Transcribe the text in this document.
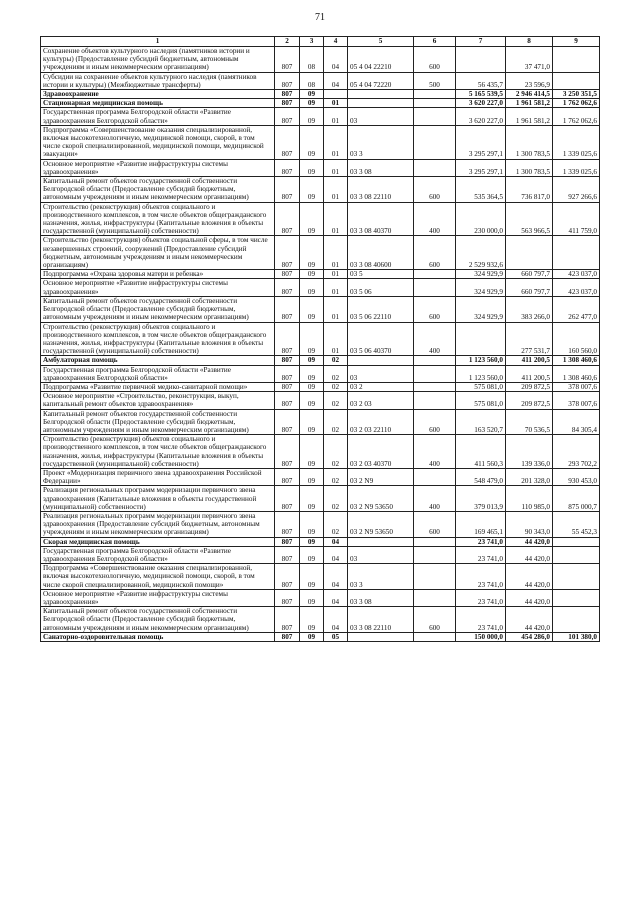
71
1	2	3	4	5	6	7	8	9
Сохранение объектов культурного наследия (памятников истории и культуры) (Предоставление субсидий бюджетным, автономным учреждениям и иным некоммерческим организациям)	807	08	04	05 4 04 22210	600		37 471,0	
Субсидии на сохранение объектов культурного наследия (памятников истории и культуры) (Межбюджетные трансферты)	807	08	04	05 4 04 72220	500	56 435,7	23 596,9	
Здравоохранение	807	09				5 165 539,5	2 946 414,5	3 250 351,5
Стационарная медицинская помощь	807	09	01			3 620 227,0	1 961 581,2	1 762 062,6
Государственная программа Белгородской области «Развитие здравоохранения Белгородской области»	807	09	01	03		3 620 227,0	1 961 581,2	1 762 062,6
Подпрограмма «Совершенствование оказания специализированной, включая высокотехнологичную, медицинской помощи, скорой, в том числе скорой специализированной, медицинской помощи, медицинской эвакуации»	807	09	01	03 3		3 295 297,1	1 300 783,5	1 339 025,6
Основное мероприятие «Развитие инфраструктуры системы здравоохранения»	807	09	01	03 3 08		3 295 297,1	1 300 783,5	1 339 025,6
Капитальный ремонт объектов государственной собственности Белгородской области (Предоставление субсидий бюджетным, автономным учреждениям и иным некоммерческим организациям)	807	09	01	03 3 08 22110	600	535 364,5	736 817,0	927 266,6
Строительство (реконструкция) объектов социального и производственного комплексов, в том числе объектов общегражданского назначения, жилья, инфраструктуры (Капитальные вложения в объекты государственной (муниципальной) собственности)	807	09	01	03 3 08 40370	400	230 000,0	563 966,5	411 759,0
Строительство (реконструкция) объектов социальной сферы, в том числе незавершенных строений, сооружений (Предоставление субсидий бюджетным, автономным учреждениям и иным некоммерческим организациям)	807	09	01	03 3 08 40600	600	2 529 932,6		
Подпрограмма «Охрана здоровья матери и ребенка»	807	09	01	03 5		324 929,9	660 797,7	423 037,0
Основное мероприятие «Развитие инфраструктуры системы здравоохранения»	807	09	01	03 5 06		324 929,9	660 797,7	423 037,0
Капитальный ремонт объектов государственной собственности Белгородской области (Предоставление субсидий бюджетным, автономным учреждениям и иным некоммерческим организациям)	807	09	01	03 5 06 22110	600	324 929,9	383 266,0	262 477,0
Строительство (реконструкция) объектов социального и производственного комплексов, в том числе объектов общегражданского назначения, жилья, инфраструктуры (Капитальные вложения в объекты государственной (муниципальной) собственности)	807	09	01	03 5 06 40370	400		277 531,7	160 560,0
Амбулаторная помощь	807	09	02			1 123 560,0	411 200,5	1 308 460,6
Государственная программа Белгородской области «Развитие здравоохранения Белгородской области»	807	09	02	03		1 123 560,0	411 200,5	1 308 460,6
Подпрограмма «Развитие первичной медико-санитарной помощи»	807	09	02	03 2		575 081,0	209 872,5	378 007,6
Основное мероприятие «Строительство, реконструкция, выкуп, капитальный ремонт объектов здравоохранения»	807	09	02	03 2 03		575 081,0	209 872,5	378 007,6
Капитальный ремонт объектов государственной собственности Белгородской области (Предоставление субсидий бюджетным, автономным учреждениям и иным некоммерческим организациям)	807	09	02	03 2 03 22110	600	163 520,7	70 536,5	84 305,4
Строительство (реконструкция) объектов социального и производственного комплексов, в том числе объектов общегражданского назначения, жилья, инфраструктуры (Капитальные вложения в объекты государственной (муниципальной) собственности)	807	09	02	03 2 03 40370	400	411 560,3	139 336,0	293 702,2
Проект «Модернизация первичного звена здравоохранения Российской Федерации»	807	09	02	03 2 N9		548 479,0	201 328,0	930 453,0
Реализация региональных программ модернизации первичного звена здравоохранения (Капитальные вложения в объекты государственной (муниципальной) собственности)	807	09	02	03 2 N9 53650	400	379 013,9	110 985,0	875 000,7
Реализация региональных программ модернизации первичного звена здравоохранения (Предоставление субсидий бюджетным, автономным учреждениям и иным некоммерческим организациям)	807	09	02	03 2 N9 53650	600	169 465,1	90 343,0	55 452,3
Скорая медицинская помощь	807	09	04			23 741,0	44 420,0	
Государственная программа Белгородской области «Развитие здравоохранения Белгородской области»	807	09	04	03		23 741,0	44 420,0	
Подпрограмма «Совершенствование оказания специализированной, включая высокотехнологичную, медицинской помощи, скорой, в том числе скорой специализированной, медицинской помощи»	807	09	04	03 3		23 741,0	44 420,0	
Основное мероприятие «Развитие инфраструктуры системы здравоохранения»	807	09	04	03 3 08		23 741,0	44 420,0	
Капитальный ремонт объектов государственной собственности Белгородской области (Предоставление субсидий бюджетным, автономным учреждениям и иным некоммерческим организациям)	807	09	04	03 3 08 22110	600	23 741,0	44 420,0	
Санаторно-оздоровительная помощь	807	09	05			150 000,0	454 286,0	101 380,0
